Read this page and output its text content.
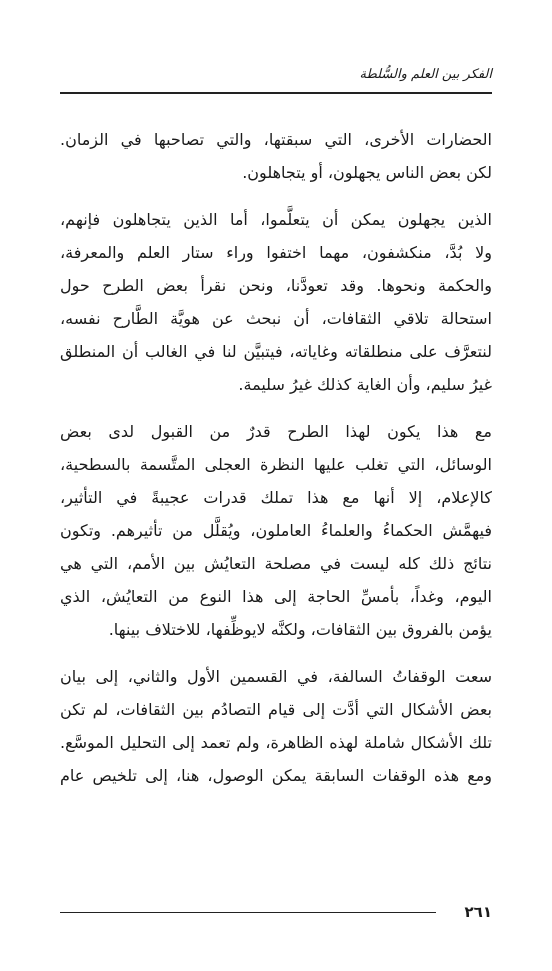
الفكر بين العلم والسُّلطة
الحضارات الأخرى، التي سبقتها، والتي تصاحبها في الزمان.
لكن بعض الناس يجهلون، أو يتجاهلون.
الذين يجهلون يمكن أن يتعلَّموا، أما الذين يتجاهلون فإنهم،
ولا بُدَّ، منكشفون، مهما اختفوا وراء ستار العلم والمعرفة،
والحكمة ونحوها. وقد تعودَّنا، ونحن نقرأ بعض الطرح حول
استحالة تلاقي الثقافات، أن نبحث عن هويَّة الطَّارح نفسه،
لنتعرَّف على منطلقاته وغاياته، فيتبيَّن لنا في الغالب أن المنطلق
غيرُ سليم، وأن الغاية كذلك غيرُ سليمة.
مع هذا يكون لهذا الطرح قدرٌ من القبول لدى بعض
الوسائل، التي تغلب عليها النظرة العجلى المتَّسمة بالسطحية،
كالإعلام، إلا أنها مع هذا تملك قدرات عجيبةً في التأثير،
فيهمَّش الحكماءُ والعلماءُ العاملون، ويُقلَّل من تأثيرهم. وتكون
نتائج ذلك كله ليست في مصلحة التعايُش بين الأمم، التي هي
اليوم، وغداً، بأمسِّ الحاجة إلى هذا النوع من التعايُش، الذي
يؤمن بالفروق بين الثقافات، ولكنَّه لايوظِّفها، للاختلاف بينها.
سعت الوقفاتُ السالفة، في القسمين الأول والثاني، إلى بيان
بعض الأشكال التي أدَّت إلى قيام التصادُم بين الثقافات، لم تكن
تلك الأشكال شاملة لهذه الظاهرة، ولم تعمد إلى التحليل الموسَّع.
ومع هذه الوقفات السابقة يمكن الوصول، هنا، إلى تلخيص عام
٢٦١
